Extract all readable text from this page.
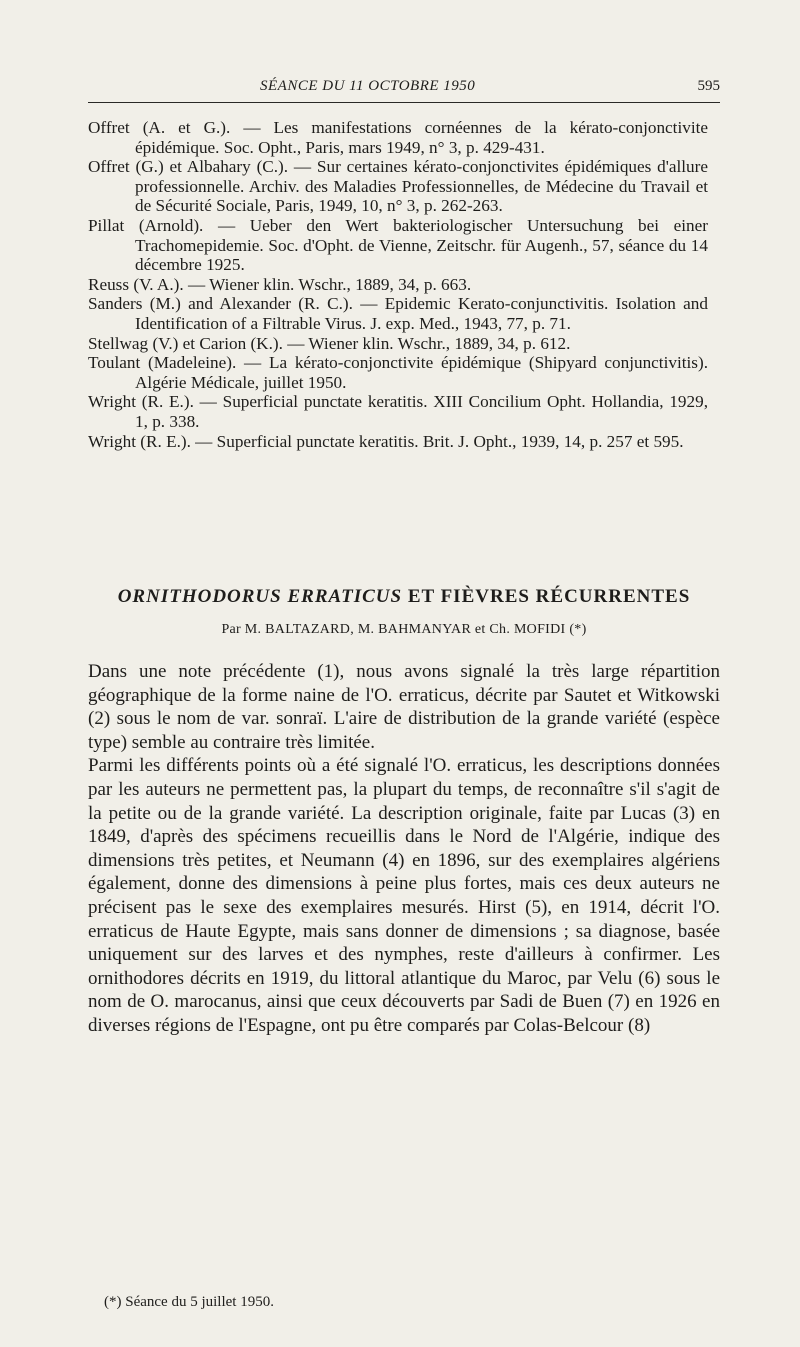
SÉANCE DU 11 OCTOBRE 1950	595

Offret (A. et G.). — Les manifestations cornéennes de la kérato-conjonctivite épidémique. Soc. Opht., Paris, mars 1949, n° 3, p. 429-431.

Offret (G.) et Albahary (C.). — Sur certaines kérato-conjonctivites épidémiques d'allure professionnelle. Archiv. des Maladies Professionnelles, de Médecine du Travail et de Sécurité Sociale, Paris, 1949, 10, n° 3, p. 262-263.

Pillat (Arnold). — Ueber den Wert bakteriologischer Untersuchung bei einer Trachomepidemie. Soc. d'Opht. de Vienne, Zeitschr. für Augenh., 57, séance du 14 décembre 1925.

Reuss (V. A.). — Wiener klin. Wschr., 1889, 34, p. 663.

Sanders (M.) and Alexander (R. C.). — Epidemic Kerato-conjunctivitis. Isolation and Identification of a Filtrable Virus. J. exp. Med., 1943, 77, p. 71.

Stellwag (V.) et Carion (K.). — Wiener klin. Wschr., 1889, 34, p. 612.

Toulant (Madeleine). — La kérato-conjonctivite épidémique (Shipyard conjunctivitis). Algérie Médicale, juillet 1950.

Wright (R. E.). — Superficial punctate keratitis. XIII Concilium Opht. Hollandia, 1929, 1, p. 338.

Wright (R. E.). — Superficial punctate keratitis. Brit. J. Opht., 1939, 14, p. 257 et 595.

ORNITHODORUS ERRATICUS ET FIÈVRES RÉCURRENTES
Par M. BALTAZARD, M. BAHMANYAR et Ch. MOFIDI (*)

Dans une note précédente (1), nous avons signalé la très large répartition géographique de la forme naine de l'O. erraticus, décrite par Sautet et Witkowski (2) sous le nom de var. sonraï. L'aire de distribution de la grande variété (espèce type) semble au contraire très limitée.

Parmi les différents points où a été signalé l'O. erraticus, les descriptions données par les auteurs ne permettent pas, la plupart du temps, de reconnaître s'il s'agit de la petite ou de la grande variété. La description originale, faite par Lucas (3) en 1849, d'après des spécimens recueillis dans le Nord de l'Algérie, indique des dimensions très petites, et Neumann (4) en 1896, sur des exemplaires algériens également, donne des dimensions à peine plus fortes, mais ces deux auteurs ne précisent pas le sexe des exemplaires mesurés. Hirst (5), en 1914, décrit l'O. erraticus de Haute Egypte, mais sans donner de dimensions ; sa diagnose, basée uniquement sur des larves et des nymphes, reste d'ailleurs à confirmer. Les ornithodores décrits en 1919, du littoral atlantique du Maroc, par Velu (6) sous le nom de O. marocanus, ainsi que ceux découverts par Sadi de Buen (7) en 1926 en diverses régions de l'Espagne, ont pu être comparés par Colas-Belcour (8)

(*) Séance du 5 juillet 1950.
